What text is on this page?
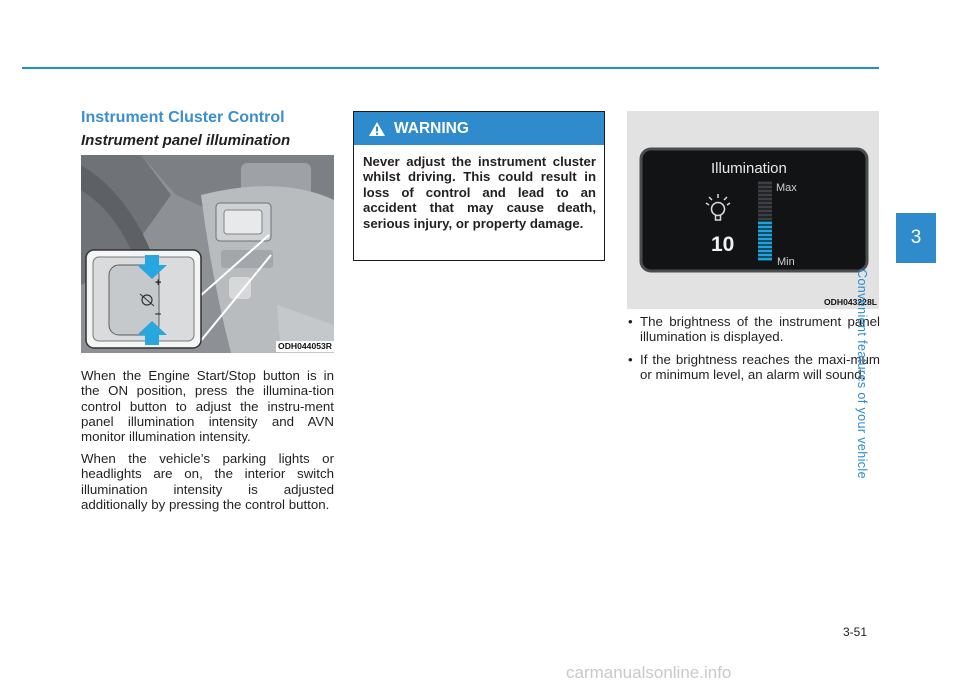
Instrument Cluster Control
Instrument panel illumination
+
–
ODH044053R

When the Engine Start/Stop button is in the ON position, press the illumina-tion control button to adjust the instru-ment panel illumination intensity and AVN monitor illumination intensity.

When the vehicle’s parking lights or headlights are on, the interior switch illumination intensity is adjusted additionally by pressing the control button.

WARNING

Never adjust the instrument cluster whilst driving. This could result in loss of control and lead to an accident that may cause death, serious injury, or property damage.

Illumination
10
Max
Min
ODH043228L
• The brightness of the instrument panel illumination is displayed.
• If the brightness reaches the maxi-mum or minimum level, an alarm will sound.
3
Convenient features of your vehicle
3-51
carmanualsonline.info
